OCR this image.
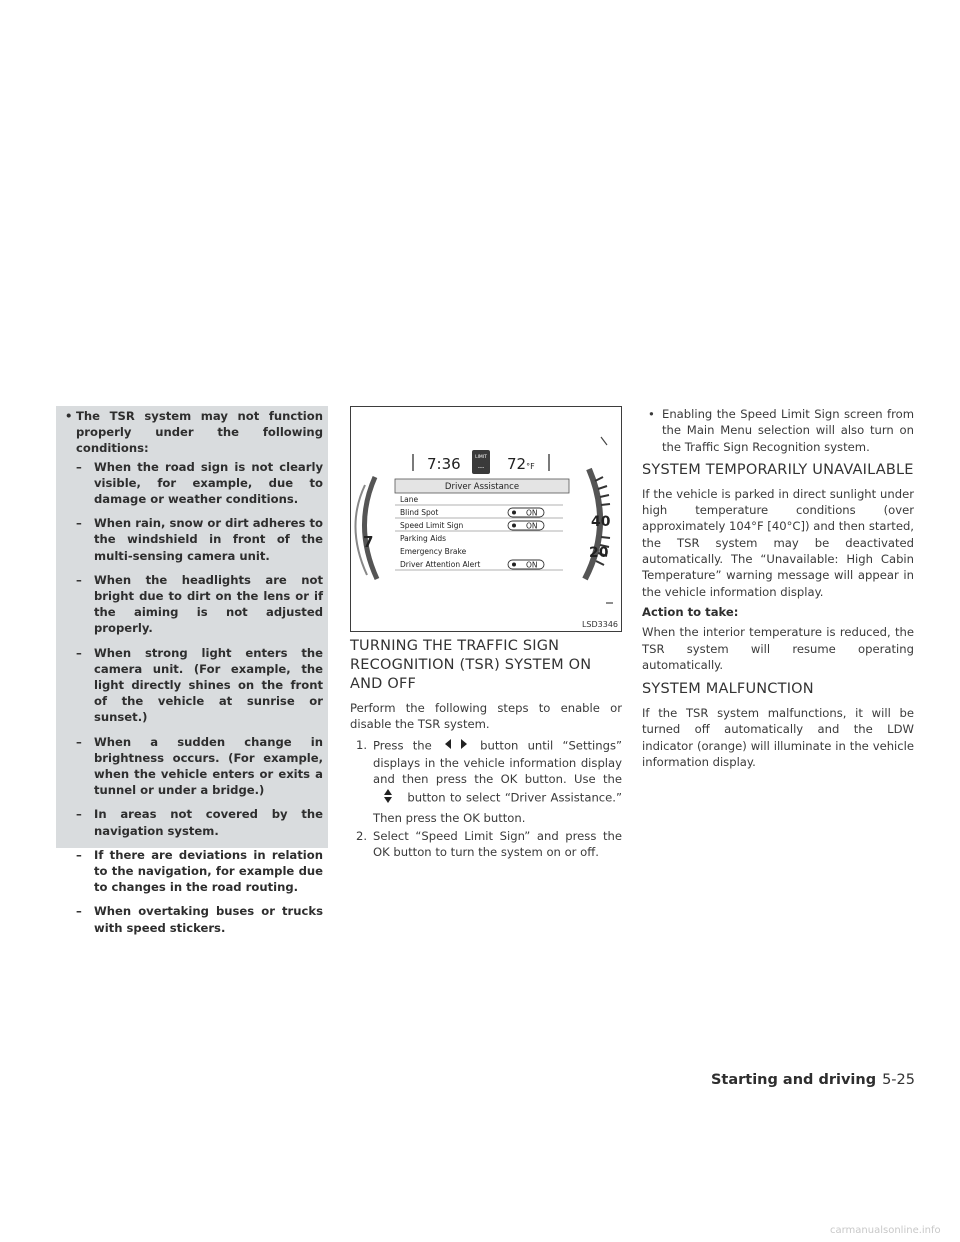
• The TSR system may not function properly under the following conditions:
– When the road sign is not clearly visible, for example, due to damage or weather conditions.
– When rain, snow or dirt adheres to the windshield in front of the multi-sensing camera unit.
– When the headlights are not bright due to dirt on the lens or if the aiming is not adjusted properly.
– When strong light enters the camera unit. (For example, the light directly shines on the front of the vehicle at sunrise or sunset.)
– When a sudden change in brightness occurs. (For example, when the vehicle enters or exits a tunnel or under a bridge.)
– In areas not covered by the navigation system.
– If there are deviations in relation to the navigation, for example due to changes in the road routing.
– When overtaking buses or trucks with speed stickers.
7:36	LIMIT
--- 72°F
7
40
20
Driver Assistance
Lane
Blind Spot
Speed Limit Sign
Parking Aids
Emergency Brake
Driver Attention Alert
ON
ON
ON
LSD3346
TURNING THE TRAFFIC SIGN RECOGNITION (TSR) SYSTEM ON AND OFF

Perform the following steps to enable or disable the TSR system.

1. Press the	button until “Settings” displays in the vehicle information display and then press the OK button. Use the  button to select “Driver Assistance.” Then press the OK button.
2. Select “Speed Limit Sign” and press the OK button to turn the system on or off.
• Enabling the Speed Limit Sign screen from the Main Menu selection will also turn on the Traffic Sign Recognition system.
SYSTEM TEMPORARILY UNAVAILABLE

If the vehicle is parked in direct sunlight under high temperature conditions (over approximately 104°F [40°C]) and then started, the TSR system may be deactivated automatically. The “Unavailable: High Cabin Temperature” warning message will appear in the vehicle information display.

Action to take:

When the interior temperature is reduced, the TSR system will resume operating automatically.

SYSTEM MALFUNCTION

If the TSR system malfunctions, it will be turned off automatically and the LDW indicator (orange) will illuminate in the vehicle information display.

Starting and driving 5-25
carmanualsonline.info
